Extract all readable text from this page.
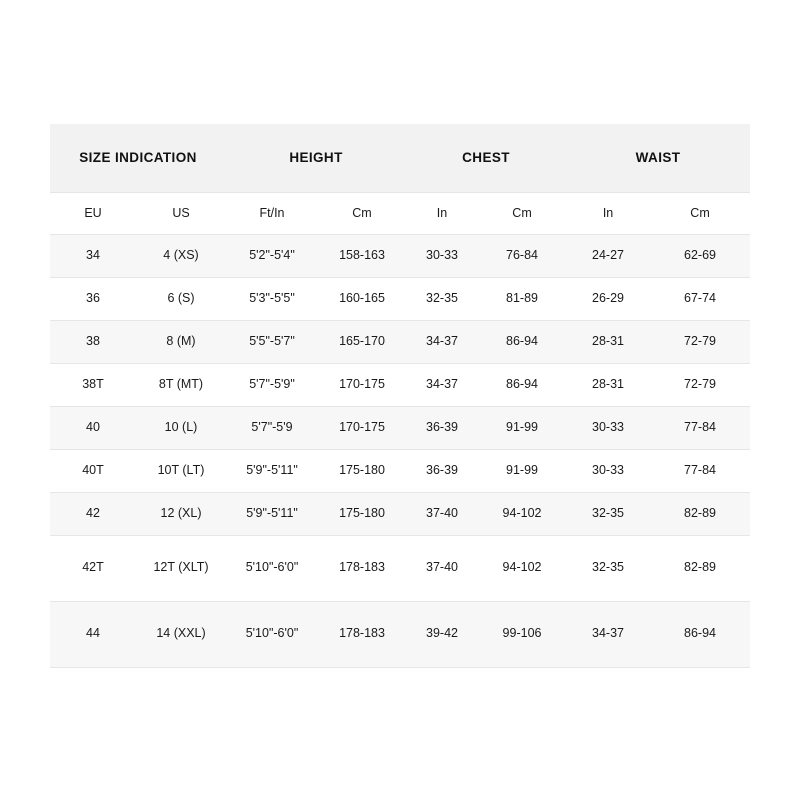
SIZE INDICATION		HEIGHT		CHEST		WAIST	
EU	US	Ft/In	Cm	In	Cm	In	Cm

34	4 (XS)	5'2"-5'4"	158-163	30-33	76-84	24-27	62-69

36	6 (S)	5'3"-5'5"	160-165	32-35	81-89	26-29	67-74

38	8 (M)	5'5"-5'7"	165-170	34-37	86-94	28-31	72-79

38T	8T (MT)	5'7"-5'9"	170-175	34-37	86-94	28-31	72-79

40	10 (L)	5'7"-5'9	170-175	36-39	91-99	30-33	77-84

40T	10T (LT)	5'9"-5'11"	175-180	36-39	91-99	30-33	77-84

42	12 (XL)	5'9"-5'11"	175-180	37-40	94-102	32-35	82-89

42T	12T (XLT)	5'10"-6'0"	178-183	37-40	94-102	32-35	82-89

44	14 (XXL)	5'10"-6'0"	178-183	39-42	99-106	34-37	86-94
